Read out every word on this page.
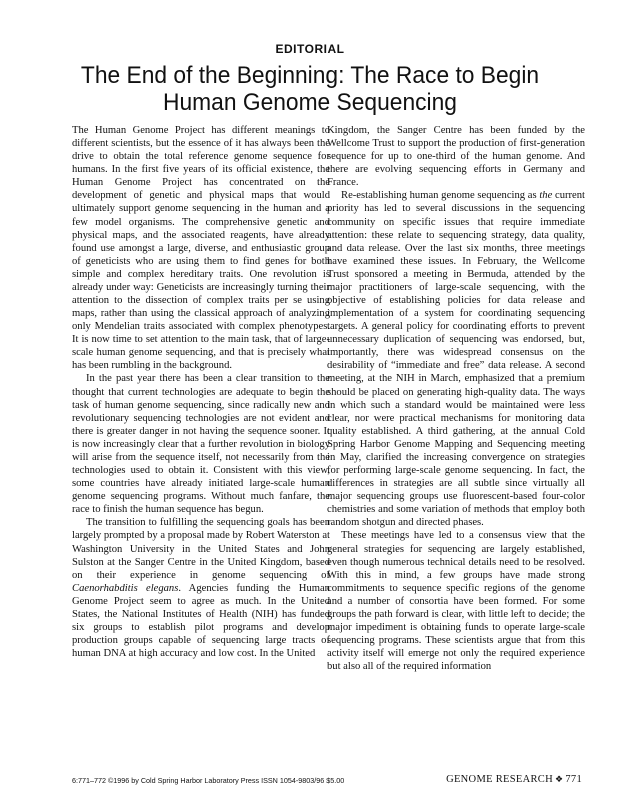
EDITORIAL
The End of the Beginning: The Race to Begin
Human Genome Sequencing

The Human Genome Project has different meanings to different scientists, but the essence of it has always been the drive to obtain the total reference genome sequence for humans. In the first five years of its official existence, the Human Genome Project has concentrated on the development of genetic and physical maps that would ultimately support genome sequencing in the human and a few model organisms. The comprehensive genetic and physical maps, and the associated reagents, have already found use amongst a large, diverse, and enthusiastic group of geneticists who are using them to find genes for both simple and complex hereditary traits. One revolution is already under way: Geneticists are increasingly turning their attention to the dissection of complex traits per se using maps, rather than using the classical approach of analyzing only Mendelian traits associated with complex phenotypes. It is now time to set attention to the main task, that of large-scale human genome sequencing, and that is precisely what has been rumbling in the background.

In the past year there has been a clear transition to the thought that current technologies are adequate to begin the task of human genome sequencing, since radically new and revolutionary sequencing technologies are not evident and there is greater danger in not having the sequence sooner. It is now increasingly clear that a further revolution in biology will arise from the sequence itself, not necessarily from the technologies used to obtain it. Consistent with this view, some countries have already initiated large-scale human genome sequencing programs. Without much fanfare, the race to finish the human sequence has begun.

The transition to fulfilling the sequencing goals has been largely prompted by a proposal made by Robert Waterston at Washington University in the United States and John Sulston at the Sanger Centre in the United Kingdom, based on their experience in genome sequencing of Caenorhabditis elegans. Agencies funding the Human Genome Project seem to agree as much. In the United States, the National Institutes of Health (NIH) has funded six groups to establish pilot programs and develop production groups capable of sequencing large tracts of human DNA at high accuracy and low cost. In the United

Kingdom, the Sanger Centre has been funded by the Wellcome Trust to support the production of first-generation sequence for up to one-third of the human genome. And there are evolving sequencing efforts in Germany and France.

Re-establishing human genome sequencing as the current priority has led to several discussions in the sequencing community on specific issues that require immediate attention: these relate to sequencing strategy, data quality, and data release. Over the last six months, three meetings have examined these issues. In February, the Wellcome Trust sponsored a meeting in Bermuda, attended by the major practitioners of large-scale sequencing, with the objective of establishing policies for data release and implementation of a system for coordinating sequencing targets. A general policy for coordinating efforts to prevent unnecessary duplication of sequencing was endorsed, but, importantly, there was widespread consensus on the desirability of “immediate and free” data release. A second meeting, at the NIH in March, emphasized that a premium should be placed on generating high-quality data. The ways in which such a standard would be maintained were less clear, nor were practical mechanisms for monitoring data quality established. A third gathering, at the annual Cold Spring Harbor Genome Mapping and Sequencing meeting in May, clarified the increasing convergence on strategies for performing large-scale genome sequencing. In fact, the differences in strategies are all subtle since virtually all major sequencing groups use fluorescent-based four-color chemistries and some variation of methods that employ both random shotgun and directed phases.

These meetings have led to a consensus view that the general strategies for sequencing are largely established, even though numerous technical details need to be resolved. With this in mind, a few groups have made strong commitments to sequence specific regions of the genome and a number of consortia have been formed. For some groups the path forward is clear, with little left to decide; the major impediment is obtaining funds to operate large-scale sequencing programs. These scientists argue that from this activity itself will emerge not only the required experience but also all of the required information

6:771–772 ©1996 by Cold Spring Harbor Laboratory Press ISSN 1054-9803/96 $5.00	GENOME RESEARCH ❖ 771
